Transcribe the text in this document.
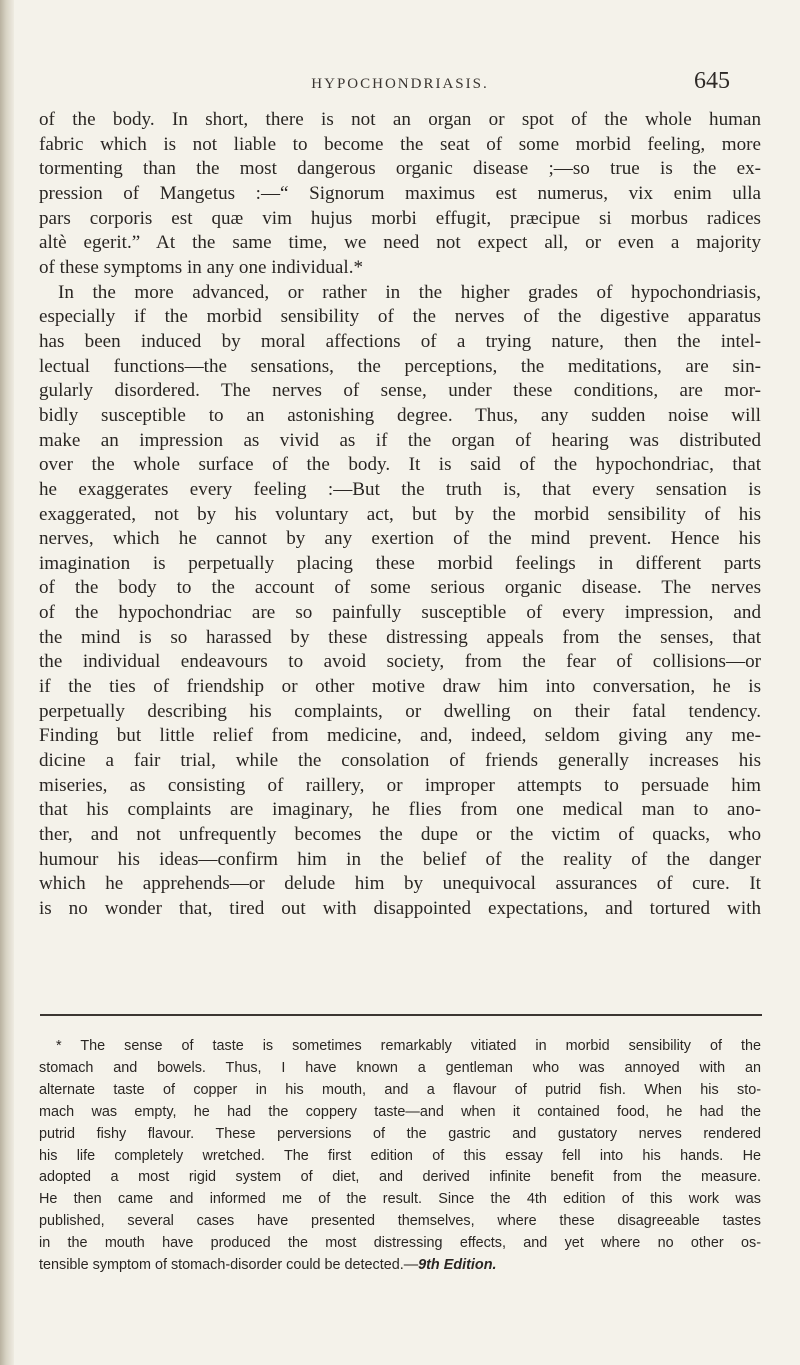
HYPOCHONDRIASIS.	645

of the body. In short, there is not an organ or spot of the whole human

fabric which is not liable to become the seat of some morbid feeling, more

tormenting than the most dangerous organic disease ;—so true is the ex-

pression of Mangetus :—“ Signorum maximus est numerus, vix enim ulla

pars corporis est quæ vim hujus morbi effugit, præcipue si morbus radices

altè egerit.” At the same time, we need not expect all, or even a majority

of these symptoms in any one individual.*

In the more advanced, or rather in the higher grades of hypochondriasis,

especially if the morbid sensibility of the nerves of the digestive apparatus

has been induced by moral affections of a trying nature, then the intel-

lectual functions—the sensations, the perceptions, the meditations, are sin-

gularly disordered. The nerves of sense, under these conditions, are mor-

bidly susceptible to an astonishing degree. Thus, any sudden noise will

make an impression as vivid as if the organ of hearing was distributed

over the whole surface of the body. It is said of the hypochondriac, that

he exaggerates every feeling :—But the truth is, that every sensation is

exaggerated, not by his voluntary act, but by the morbid sensibility of his

nerves, which he cannot by any exertion of the mind prevent. Hence his

imagination is perpetually placing these morbid feelings in different parts

of the body to the account of some serious organic disease. The nerves

of the hypochondriac are so painfully susceptible of every impression, and

the mind is so harassed by these distressing appeals from the senses, that

the individual endeavours to avoid society, from the fear of collisions—or

if the ties of friendship or other motive draw him into conversation, he is

perpetually describing his complaints, or dwelling on their fatal tendency.

Finding but little relief from medicine, and, indeed, seldom giving any me-

dicine a fair trial, while the consolation of friends generally increases his

miseries, as consisting of raillery, or improper attempts to persuade him

that his complaints are imaginary, he flies from one medical man to ano-

ther, and not unfrequently becomes the dupe or the victim of quacks, who

humour his ideas—confirm him in the belief of the reality of the danger

which he apprehends—or delude him by unequivocal assurances of cure. It

is no wonder that, tired out with disappointed expectations, and tortured with

* The sense of taste is sometimes remarkably vitiated in morbid sensibility of the

stomach and bowels. Thus, I have known a gentleman who was annoyed with an

alternate taste of copper in his mouth, and a flavour of putrid fish. When his sto-

mach was empty, he had the coppery taste—and when it contained food, he had the

putrid fishy flavour. These perversions of the gastric and gustatory nerves rendered

his life completely wretched. The first edition of this essay fell into his hands. He

adopted a most rigid system of diet, and derived infinite benefit from the measure.

He then came and informed me of the result. Since the 4th edition of this work was

published, several cases have presented themselves, where these disagreeable tastes

in the mouth have produced the most distressing effects, and yet where no other os-

tensible symptom of stomach-disorder could be detected.—9th Edition.
